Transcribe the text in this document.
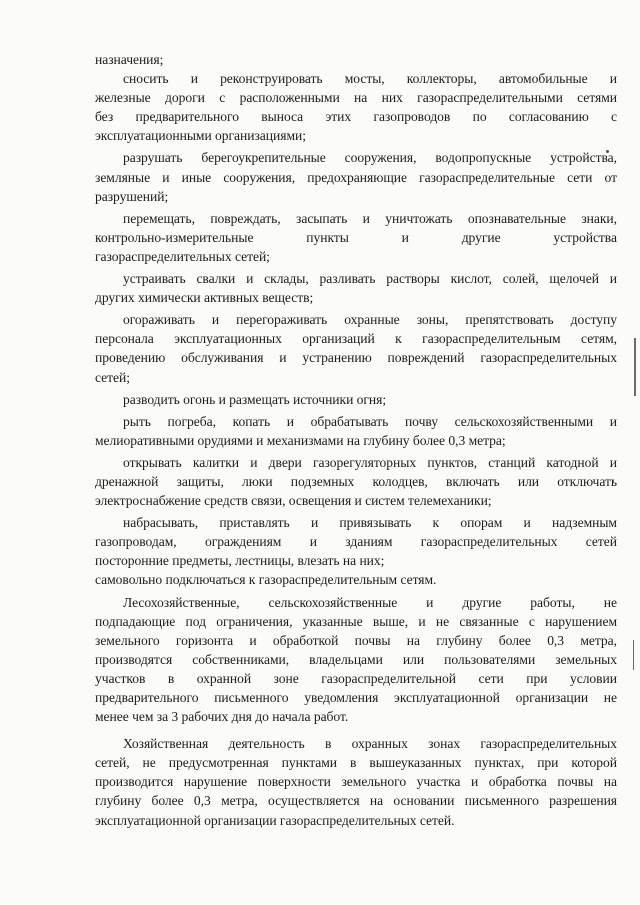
назначения;
сносить и реконструировать мосты, коллекторы, автомобильные и
железные дороги с расположенными на них газораспределительными сетями
без предварительного выноса этих газопроводов по согласованию с
эксплуатационными организациями;
разрушать берегоукрепительные сооружения, водопропускные устройства,
земляные и иные сооружения, предохраняющие газораспределительные сети от
разрушений;
перемещать, повреждать, засыпать и уничтожать опознавательные знаки,
контрольно-измерительные пункты и другие устройства
газораспределительных сетей;
устраивать свалки и склады, разливать растворы кислот, солей, щелочей и
других химически активных веществ;
огораживать и перегораживать охранные зоны, препятствовать доступу
персонала эксплуатационных организаций к газораспределительным сетям,
проведению обслуживания и устранению повреждений газораспределительных
сетей;
разводить огонь и размещать источники огня;
рыть погреба, копать и обрабатывать почву сельскохозяйственными и
мелиоративными орудиями и механизмами на глубину более 0,3 метра;
открывать калитки и двери газорегуляторных пунктов, станций катодной и
дренажной защиты, люки подземных колодцев, включать или отключать
электроснабжение средств связи, освещения и систем телемеханики;
набрасывать, приставлять и привязывать к опорам и надземным
газопроводам, ограждениям и зданиям газораспределительных сетей
посторонние предметы, лестницы, влезать на них;
самовольно подключаться к газораспределительным сетям.
Лесохозяйственные, сельскохозяйственные и другие работы, не
подпадающие под ограничения, указанные выше, и не связанные с нарушением
земельного горизонта и обработкой почвы на глубину более 0,3 метра,
производятся собственниками, владельцами или пользователями земельных
участков в охранной зоне газораспределительной сети при условии
предварительного письменного уведомления эксплуатационной организации не
менее чем за 3 рабочих дня до начала работ.
Хозяйственная деятельность в охранных зонах газораспределительных
сетей, не предусмотренная пунктами в вышеуказанных пунктах, при которой
производится нарушение поверхности земельного участка и обработка почвы на
глубину более 0,3 метра, осуществляется на основании письменного разрешения
эксплуатационной организации газораспределительных сетей.
